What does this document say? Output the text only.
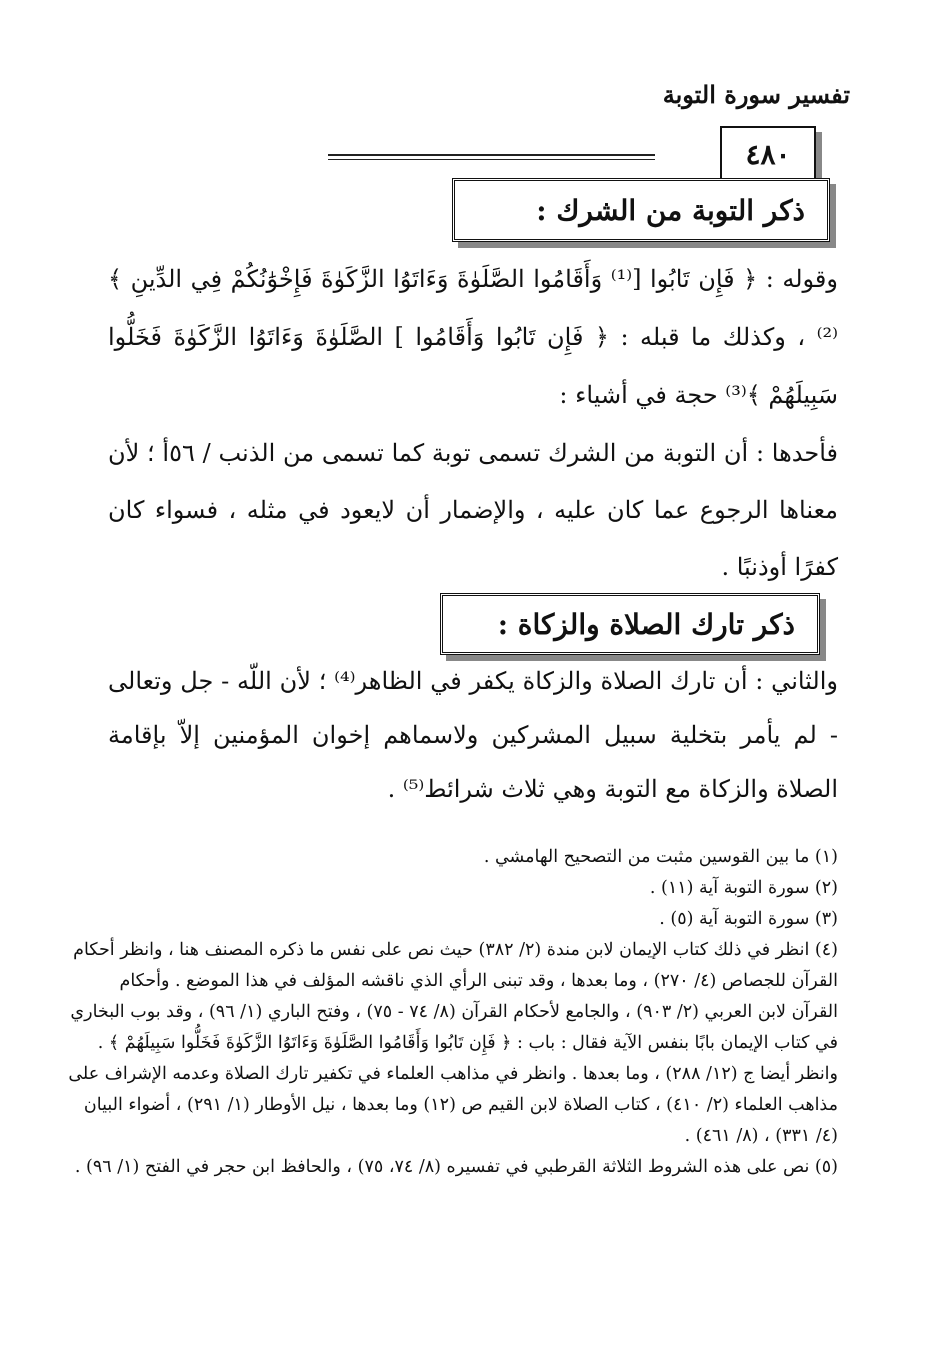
تفسير سورة التوبة
٤٨٠
ذكر التوبة من الشرك :
وقوله : ﴿ فَإِن تَابُوا [⁽¹⁾ وَأَقَامُوا الصَّلَوٰةَ وَءَاتَوُا الزَّكَوٰةَ فَإِخْوَٰنُكُمْ فِي الدِّينِ ﴾⁽²⁾ ، وكذلك ما قبله : ﴿ فَإِن تَابُوا وَأَقَامُوا ] الصَّلَوٰةَ وَءَاتَوُا الزَّكَوٰةَ فَخَلُّوا سَبِيلَهُمْ ﴾⁽³⁾ حجة في أشياء :
فأحدها : أن التوبة من الشرك تسمى توبة كما تسمى من الذنب / ٥٦أ ؛ لأن معناها الرجوع عما كان عليه ، والإضمار أن لايعود في مثله ، فسواء كان كفرًا أوذنبًا .
ذكر تارك الصلاة والزكاة :
والثاني : أن تارك الصلاة والزكاة يكفر في الظاهر⁽⁴⁾ ؛ لأن اللّه - جل وتعالى - لم يأمر بتخلية سبيل المشركين ولاسماهم إخوان المؤمنين إلاّ بإقامة الصلاة والزكاة مع التوبة وهي ثلاث شرائط⁽⁵⁾ .

(١) ما بين القوسين مثبت من التصحيح الهامشي .

(٢) سورة التوبة آية (١١) .

(٣) سورة التوبة آية (٥) .

(٤) انظر في ذلك كتاب الإيمان لابن مندة (٢/ ٣٨٢) حيث نص على نفس ما ذكره المصنف هنا ، وانظر أحكام القرآن للجصاص (٤/ ٢٧٠) ، وما بعدها ، وقد تبنى الرأي الذي ناقشه المؤلف في هذا الموضع . وأحكام القرآن لابن العربي (٢/ ٩٠٣) ، والجامع لأحكام القرآن (٨/ ٧٤ - ٧٥) ، وفتح الباري (١/ ٩٦) ، وقد بوب البخاري في كتاب الإيمان بابًا بنفس الآية فقال : باب : ﴿ فَإِن تَابُوا وَأَقَامُوا الصَّلَوٰةَ وَءَاتَوُا الزَّكَوٰةَ فَخَلُّوا سَبِيلَهُمْ ﴾ . وانظر أيضا ج (١٢/ ٢٨٨) ، وما بعدها . وانظر في مذاهب العلماء في تكفير تارك الصلاة وعدمه الإشراف على مذاهب العلماء (٢/ ٤١٠) ، كتاب الصلاة لابن القيم ص (١٢) وما بعدها ، نيل الأوطار (١/ ٢٩١) ، أضواء البيان (٤/ ٣٣١) ، (٨/ ٤٦١) .

(٥) نص على هذه الشروط الثلاثة القرطبي في تفسيره (٨/ ٧٤، ٧٥) ، والحافظ ابن حجر في الفتح (١/ ٩٦) .
